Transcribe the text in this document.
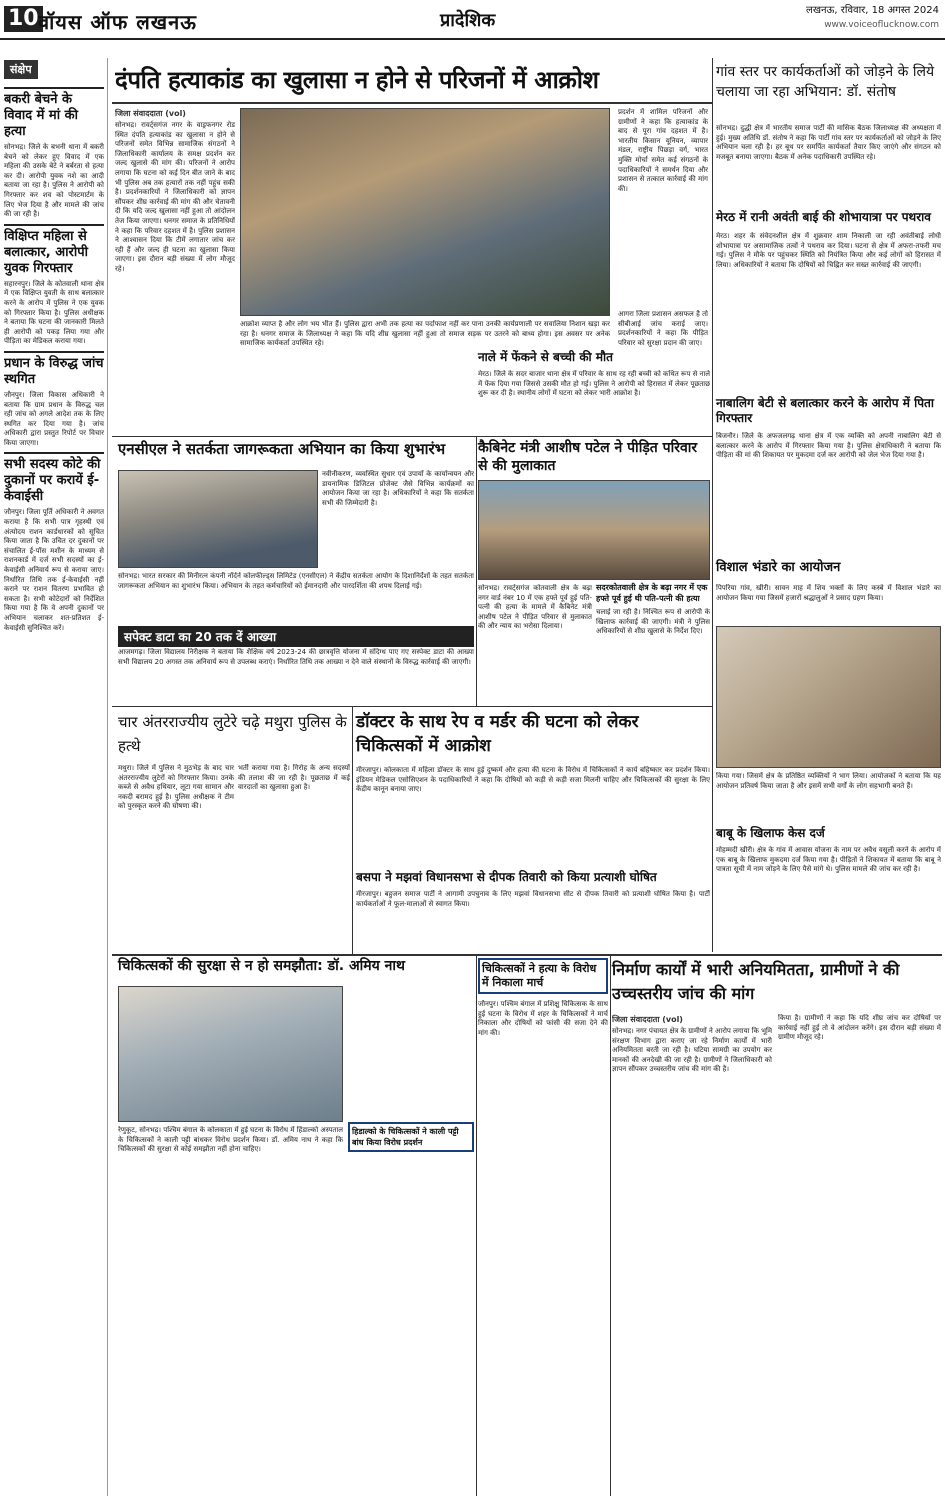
10 वॉयस ऑफ लखनऊ	प्रादेशिक	लखनऊ, रविवार, 18 अगस्त 2024
www.voiceoflucknow.com
संक्षेप
बकरी बेचने के विवाद में मां की हत्या
सोनभद्र। जिले के बभनी थाना में बकरी बेचने को लेकर हुए विवाद में एक महिला की उसके बेटे ने बर्बरता से हत्या कर दी। आरोपी युवक नशे का आदी बताया जा रहा है। पुलिस ने आरोपी को गिरफ्तार कर शव को पोस्टमार्टम के लिए भेज दिया है और मामले की जांच की जा रही है।
विक्षिप्त महिला से बलात्कार, आरोपी युवक गिरफ्तार
सहारनपुर। जिले के कोतवाली थाना क्षेत्र में एक विक्षिप्त युवती के साथ बलात्कार करने के आरोप में पुलिस ने एक युवक को गिरफ्तार किया है। पुलिस अधीक्षक ने बताया कि घटना की जानकारी मिलते ही आरोपी को पकड़ लिया गया और पीड़िता का मेडिकल कराया गया।
प्रधान के विरुद्ध जांच स्थगित
जौनपुर। जिला विकास अधिकारी ने बताया कि ग्राम प्रधान के विरुद्ध चल रही जांच को अगले आदेश तक के लिए स्थगित कर दिया गया है। जांच अधिकारी द्वारा प्रस्तुत रिपोर्ट पर विचार किया जाएगा।
सभी सदस्य कोटे की दुकानों पर करायें ई-केवाईसी
जौनपुर। जिला पूर्ति अधिकारी ने अवगत कराया है कि सभी पात्र गृहस्थी एवं अंत्योदय राशन कार्डधारकों को सूचित किया जाता है कि उचित दर दुकानों पर संचालित ई-पॉस मशीन के माध्यम से राशनकार्ड में दर्ज सभी सदस्यों का ई-केवाईसी अनिवार्य रूप से कराया जाए। निर्धारित तिथि तक ई-केवाईसी नहीं कराने पर राशन वितरण प्रभावित हो सकता है। सभी कोटेदारों को निर्देशित किया गया है कि वे अपनी दुकानों पर अभियान चलाकर शत-प्रतिशत ई-केवाईसी सुनिश्चित करें।
दंपति हत्याकांड का खुलासा न होने से परिजनों में आक्रोश
जिला संवाददाता (vol)
सोनभद्र। रावर्ट्सगंज नगर के वाड्रफनगर रोड स्थित दंपति हत्याकांड का खुलासा न होने से परिजनों समेत विभिन्न सामाजिक संगठनों ने जिलाधिकारी कार्यालय के समक्ष प्रदर्शन कर जल्द खुलासे की मांग की। परिजनों ने आरोप लगाया कि घटना को कई दिन बीत जाने के बाद भी पुलिस अब तक हत्यारों तक नहीं पहुंच सकी है। प्रदर्शनकारियों ने जिलाधिकारी को ज्ञापन सौंपकर शीघ्र कार्रवाई की मांग की और चेतावनी दी कि यदि जल्द खुलासा नहीं हुआ तो आंदोलन तेज किया जाएगा। धनगर समाज के प्रतिनिधियों ने कहा कि परिवार दहशत में है। पुलिस प्रशासन ने आश्वासन दिया कि टीमें लगातार जांच कर रही हैं और जल्द ही घटना का खुलासा किया जाएगा। इस दौरान बड़ी संख्या में लोग मौजूद रहे।
आक्रोश व्याप्त है और लोग भय भीत हैं। पुलिस द्वारा अभी तक हत्या का पर्दाफाश नहीं कर पाना उनकी कार्यप्रणाली पर सवालिया निशान खड़ा कर रहा है। धनगर समाज के जिलाध्यक्ष ने कहा कि यदि शीघ्र खुलासा नहीं हुआ तो समाज सड़क पर उतरने को बाध्य होगा। इस अवसर पर अनेक सामाजिक कार्यकर्ता उपस्थित रहे।
प्रदर्शन में शामिल परिजनों और ग्रामीणों ने कहा कि हत्याकांड के बाद से पूरा गांव दहशत में है। भारतीय किसान यूनियन, व्यापार मंडल, राष्ट्रीय पिछड़ा वर्ग, भारत मुक्ति मोर्चा समेत कई संगठनों के पदाधिकारियों ने समर्थन दिया और प्रशासन से तत्काल कार्रवाई की मांग की।
आगरा जिला प्रशासन असफल है तो सीबीआई जांच कराई जाए। प्रदर्शनकारियों ने कहा कि पीड़ित परिवार को सुरक्षा प्रदान की जाए।
नाले में फेंकने से बच्ची की मौत
मेरठ। जिले के सदर बाजार थाना क्षेत्र में परिवार के साथ रह रही बच्ची को कथित रूप से नाले में फेंक दिया गया जिससे उसकी मौत हो गई। पुलिस ने आरोपी को हिरासत में लेकर पूछताछ शुरू कर दी है। स्थानीय लोगों में घटना को लेकर भारी आक्रोश है।
एनसीएल ने सतर्कता जागरूकता अभियान का किया शुभारंभ
नवीनीकरण, व्यवस्थित सुधार एवं उपायों के कार्यान्वयन और डायनामिक डिजिटल प्रोजेक्ट जैसे विभिन्न कार्यक्रमों का आयोजन किया जा रहा है। अधिकारियों ने कहा कि सतर्कता सभी की जिम्मेदारी है।
सोनभद्र। भारत सरकार की मिनीरत्न कंपनी नॉर्दर्न कोलफील्ड्स लिमिटेड (एनसीएल) ने केंद्रीय सतर्कता आयोग के दिशानिर्देशों के तहत सतर्कता जागरूकता अभियान का शुभारंभ किया। अभियान के तहत कर्मचारियों को ईमानदारी और पारदर्शिता की शपथ दिलाई गई।
कैबिनेट मंत्री आशीष पटेल ने पीड़ित परिवार से की मुलाकात
सदरकोतवाली क्षेत्र के बढ़ा नगर में एक हफ्ते पूर्व हुई थी पति-पत्नी की हत्या
सोनभद्र। रावर्ट्सगंज कोतवाली क्षेत्र के बढ़ा नगर वार्ड नंबर 10 में एक हफ्ते पूर्व हुई पति-पत्नी की हत्या के मामले में कैबिनेट मंत्री आशीष पटेल ने पीड़ित परिवार से मुलाकात की और न्याय का भरोसा दिलाया।
चलाई जा रही है। निश्चित रूप से आरोपी के खिलाफ कार्रवाई की जाएगी। मंत्री ने पुलिस अधिकारियों से शीघ्र खुलासे के निर्देश दिए।
सपेक्ट डाटा का 20 तक दें आख्या
आजमगढ़। जिला विद्यालय निरीक्षक ने बताया कि शैक्षिक वर्ष 2023-24 की छात्रवृत्ति योजना में संदिग्ध पाए गए सस्पेक्ट डाटा की आख्या सभी विद्यालय 20 अगस्त तक अनिवार्य रूप से उपलब्ध कराएं। निर्धारित तिथि तक आख्या न देने वाले संस्थानों के विरुद्ध कार्रवाई की जाएगी।
चार अंतरराज्यीय लुटेरे चढ़े मथुरा पुलिस के हत्थे
मथुरा। जिले में पुलिस ने मुठभेड़ के बाद चार अंतरराज्यीय लुटेरों को गिरफ्तार किया। उनके कब्जे से अवैध हथियार, लूटा गया सामान और नकदी बरामद हुई है। पुलिस अधीक्षक ने टीम को पुरस्कृत करने की घोषणा की।
भर्ती कराया गया है। गिरोह के अन्य सदस्यों की तलाश की जा रही है। पूछताछ में कई वारदातों का खुलासा हुआ है।
डॉक्टर के साथ रेप व मर्डर की घटना को लेकर चिकित्सकों में आक्रोश
मीरजापुर। कोलकाता में महिला डॉक्टर के साथ हुई दुष्कर्म और हत्या की घटना के विरोध में चिकित्सकों ने कार्य बहिष्कार कर प्रदर्शन किया। इंडियन मेडिकल एसोसिएशन के पदाधिकारियों ने कहा कि दोषियों को कड़ी से कड़ी सजा मिलनी चाहिए और चिकित्सकों की सुरक्षा के लिए केंद्रीय कानून बनाया जाए।
बसपा ने मझवां विधानसभा से दीपक तिवारी को किया प्रत्याशी घोषित
मीरजापुर। बहुजन समाज पार्टी ने आगामी उपचुनाव के लिए मझवां विधानसभा सीट से दीपक तिवारी को प्रत्याशी घोषित किया है। पार्टी कार्यकर्ताओं ने फूल-मालाओं से स्वागत किया।
चिकित्सकों की सुरक्षा से न हो समझौता: डॉ. अमिय नाथ
हिडाल्को के चिकित्सकों ने काली पट्टी बांध किया विरोध प्रदर्शन
रेणुकूट, सोनभद्र। पश्चिम बंगाल के कोलकाता में हुई घटना के विरोध में हिंडाल्को अस्पताल के चिकित्सकों ने काली पट्टी बांधकर विरोध प्रदर्शन किया। डॉ. अमिय नाथ ने कहा कि चिकित्सकों की सुरक्षा से कोई समझौता नहीं होना चाहिए।
चिकित्सकों ने हत्या के विरोध में निकाला मार्च
जौनपुर। पश्चिम बंगाल में प्रशिक्षु चिकित्सक के साथ हुई घटना के विरोध में शहर के चिकित्सकों ने मार्च निकाला और दोषियों को फांसी की सजा देने की मांग की।
निर्माण कार्यों में भारी अनियमितता, ग्रामीणों ने की उच्चस्तरीय जांच की मांग
जिला संवाददाता (vol)
सोनभद्र। नगर पंचायत क्षेत्र के ग्रामीणों ने आरोप लगाया कि भूमि संरक्षण विभाग द्वारा कराए जा रहे निर्माण कार्यों में भारी अनियमितता बरती जा रही है। घटिया सामग्री का उपयोग कर मानकों की अनदेखी की जा रही है। ग्रामीणों ने जिलाधिकारी को ज्ञापन सौंपकर उच्चस्तरीय जांच की मांग की है।
किया है। ग्रामीणों ने कहा कि यदि शीघ्र जांच कर दोषियों पर कार्रवाई नहीं हुई तो वे आंदोलन करेंगे। इस दौरान बड़ी संख्या में ग्रामीण मौजूद रहे।
गांव स्तर पर कार्यकर्ताओं को जोड़ने के लिये चलाया जा रहा अभियान: डॉ. संतोष
सोनभद्र। दुद्धी क्षेत्र में भारतीय समाज पार्टी की मासिक बैठक जिलाध्यक्ष की अध्यक्षता में हुई। मुख्य अतिथि डॉ. संतोष ने कहा कि पार्टी गांव स्तर पर कार्यकर्ताओं को जोड़ने के लिए अभियान चला रही है। हर बूथ पर समर्पित कार्यकर्ता तैयार किए जाएंगे और संगठन को मजबूत बनाया जाएगा। बैठक में अनेक पदाधिकारी उपस्थित रहे।
मेरठ में रानी अवंती बाई की शोभायात्रा पर पथराव
मेरठ। शहर के संवेदनशील क्षेत्र में शुक्रवार शाम निकाली जा रही अवंतीबाई लोधी शोभायात्रा पर असामाजिक तत्वों ने पथराव कर दिया। घटना से क्षेत्र में अफरा-तफरी मच गई। पुलिस ने मौके पर पहुंचकर स्थिति को नियंत्रित किया और कई लोगों को हिरासत में लिया। अधिकारियों ने बताया कि दोषियों को चिह्नित कर सख्त कार्रवाई की जाएगी।
नाबालिग बेटी से बलात्कार करने के आरोप में पिता गिरफ्तार
बिजनौर। जिले के अफजलगढ़ थाना क्षेत्र में एक व्यक्ति को अपनी नाबालिग बेटी से बलात्कार करने के आरोप में गिरफ्तार किया गया है। पुलिस क्षेत्राधिकारी ने बताया कि पीड़िता की मां की शिकायत पर मुकदमा दर्ज कर आरोपी को जेल भेज दिया गया है।
विशाल भंडारे का आयोजन
पिपरिया गांव, खीरी। सावन माह में शिव भक्तों के लिए कस्बे में विशाल भंडारे का आयोजन किया गया जिसमें हजारों श्रद्धालुओं ने प्रसाद ग्रहण किया।
किया गया। जिसमें क्षेत्र के प्रतिष्ठित व्यक्तियों ने भाग लिया। आयोजकों ने बताया कि यह आयोजन प्रतिवर्ष किया जाता है और इसमें सभी वर्गों के लोग सहभागी बनते हैं।
बाबू के खिलाफ केस दर्ज
मोहम्मदी खीरी। क्षेत्र के गांव में आवास योजना के नाम पर अवैध वसूली करने के आरोप में एक बाबू के खिलाफ मुकदमा दर्ज किया गया है। पीड़ितों ने शिकायत में बताया कि बाबू ने पात्रता सूची में नाम जोड़ने के लिए पैसे मांगे थे। पुलिस मामले की जांच कर रही है।
